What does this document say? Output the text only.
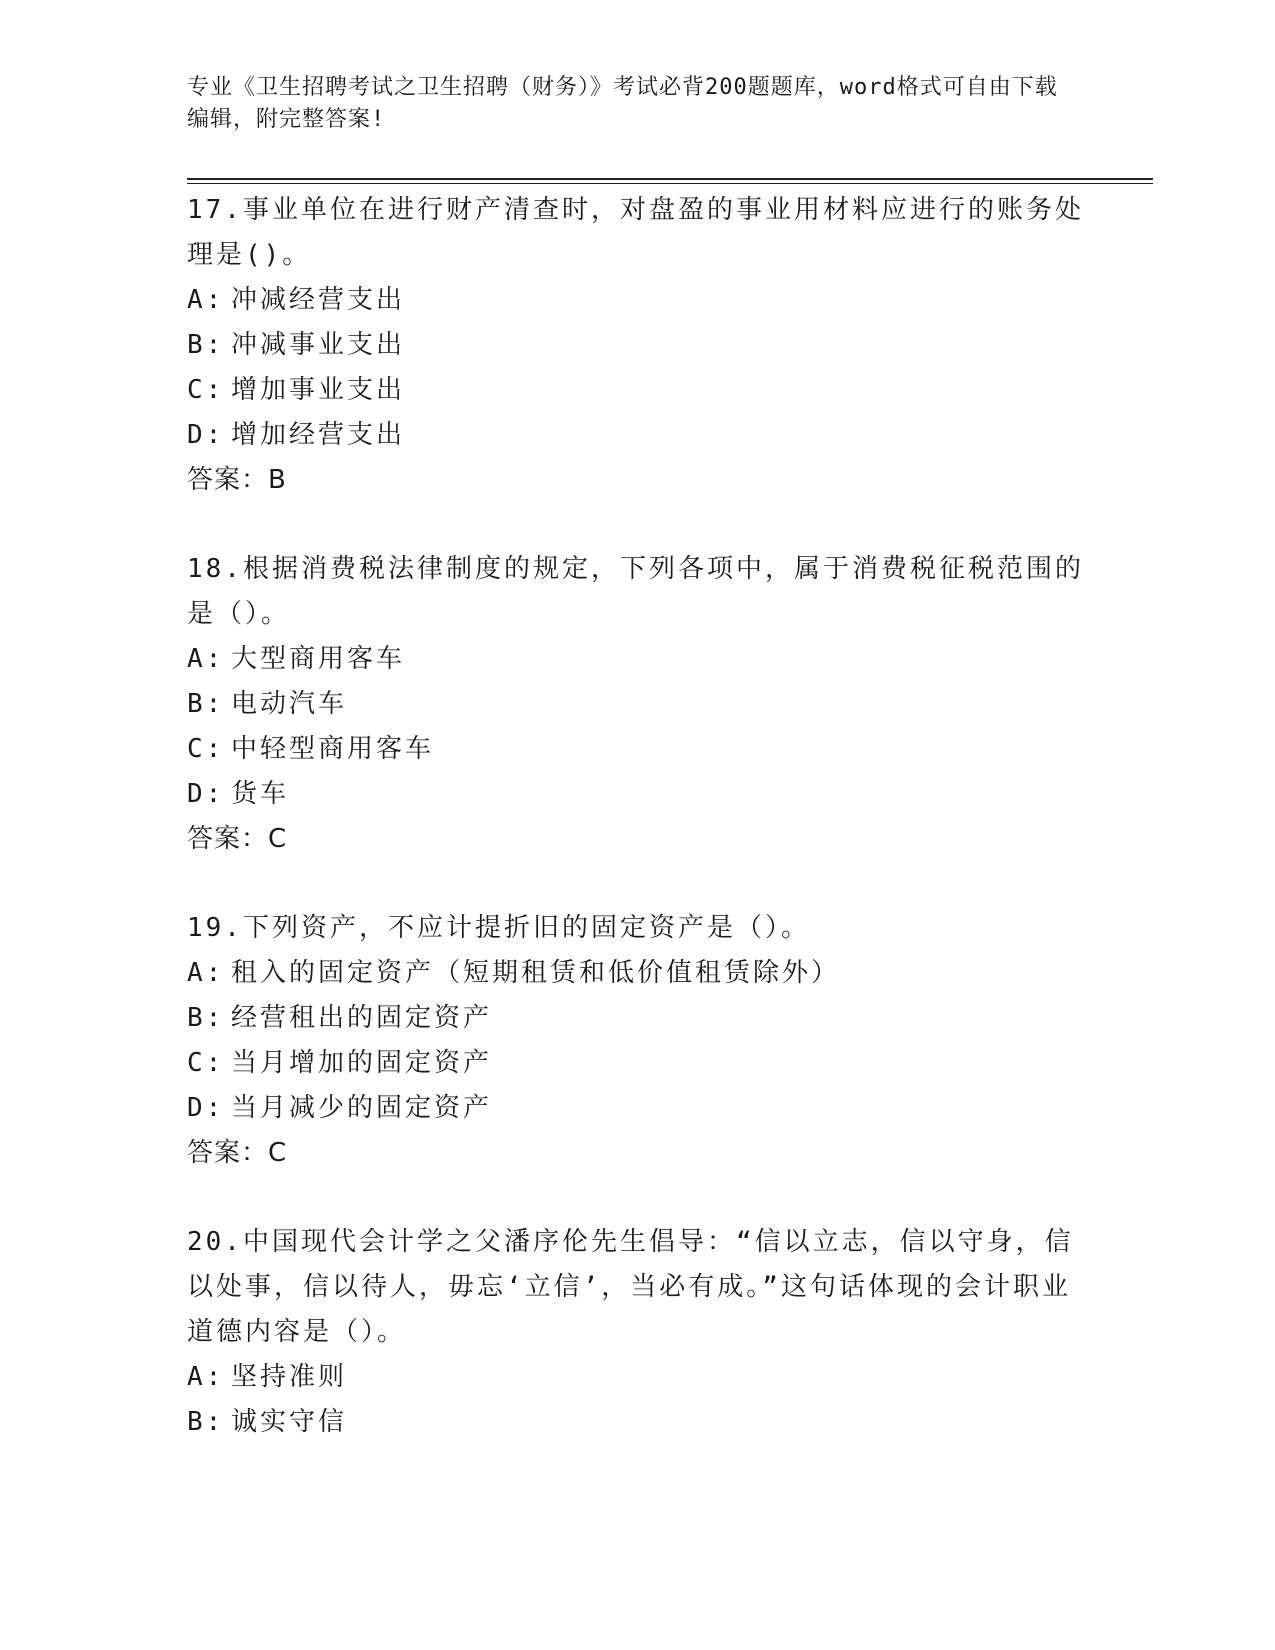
专业《卫生招聘考试之卫生招聘（财务）》考试必背200题题库，word格式可自由下载编辑，附完整答案!

17.事业单位在进行财产清查时，对盘盈的事业用材料应进行的账务处理是()。

A: 冲减经营支出

B: 冲减事业支出

C: 增加事业支出

D: 增加经营支出

答案：B

18.根据消费税法律制度的规定，下列各项中，属于消费税征税范围的是（）。

A: 大型商用客车

B: 电动汽车

C: 中轻型商用客车

D: 货车

答案：C

19.下列资产，不应计提折旧的固定资产是（）。

A: 租入的固定资产（短期租赁和低价值租赁除外）

B: 经营租出的固定资产

C: 当月增加的固定资产

D: 当月减少的固定资产

答案：C

20.中国现代会计学之父潘序伦先生倡导：“信以立志，信以守身，信以处事，信以待人，毋忘‘立信’，当必有成。”这句话体现的会计职业道德内容是（）。

A: 坚持准则

B: 诚实守信
